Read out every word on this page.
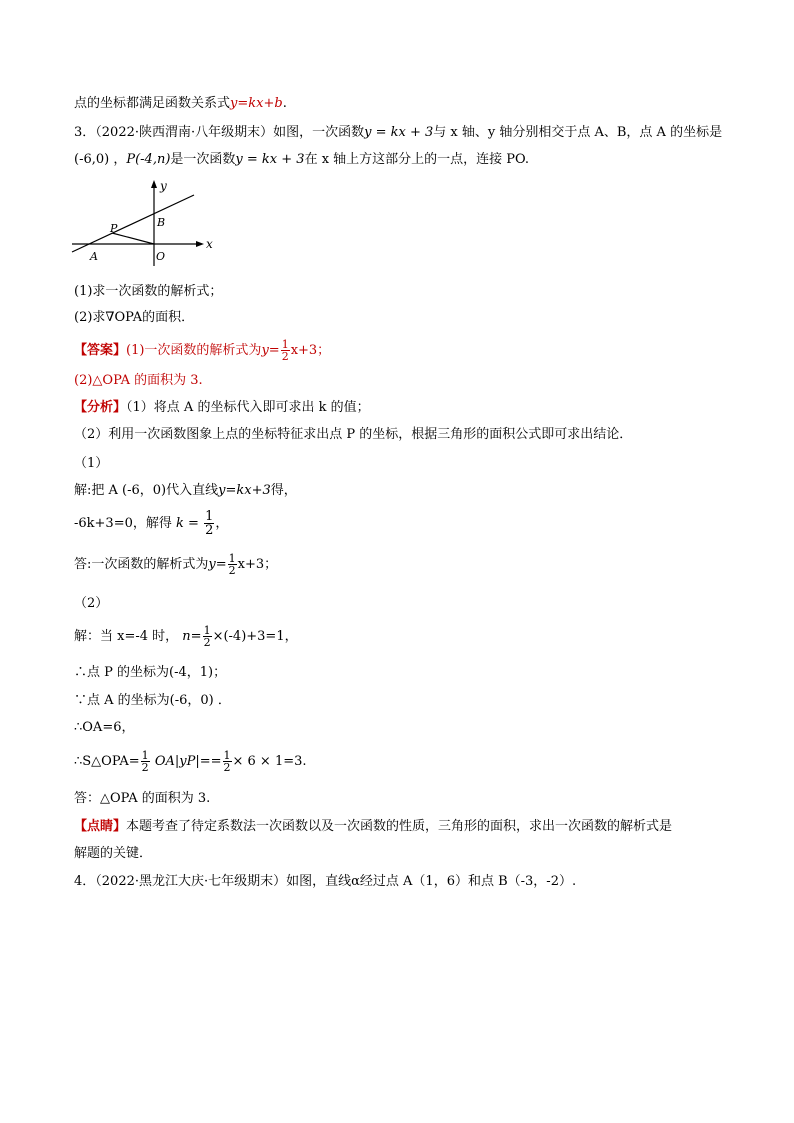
点的坐标都满足函数关系式y=kx+b.
3．（2022·陕西渭南·八年级期末）如图，一次函数y = kx + 3与 x 轴、y 轴分别相交于点 A、B，点 A 的坐标是
(-6,0) ，P(-4,n)是一次函数y = kx + 3在 x 轴上方这部分上的一点，连接 PO.
y
x
B
P
A	O
(1)求一次函数的解析式；
(2)求∇OPA的面积．
【答案】(1)一次函数的解析式为$y= \frac{1}{2} x+3$；
(2)△OPA 的面积为 3.
【分析】（1）将点 A 的坐标代入即可求出 k 的值；
（2）利用一次函数图象上点的坐标特征求出点 P 的坐标，根据三角形的面积公式即可求出结论．
（1）
解:把 A (-6，0)代入直线y=kx+3得，
-6k+3=0，解得 $k = \frac{1}{2}$ ，
答:一次函数的解析式为$y= \frac{1}{2} x+3$；
（2）
解：当 x=-4 时， $n= \frac{1}{2} \times(-4)+3=1$，
∴点 P 的坐标为(-4，1)；
∵点 A 的坐标为(-6，0) ．
∴OA=6，
∴S△OPA= $\frac{1}{2} OA|yP|== \frac{1}{2} \times 6 \times 1=3$.
答：△OPA 的面积为 3.
【点睛】本题考查了待定系数法一次函数以及一次函数的性质，三角形的面积，求出一次函数的解析式是
解题的关键．
4．（2022·黑龙江大庆·七年级期末）如图，直线α经过点 A（1，6）和点 B（-3，-2）.
